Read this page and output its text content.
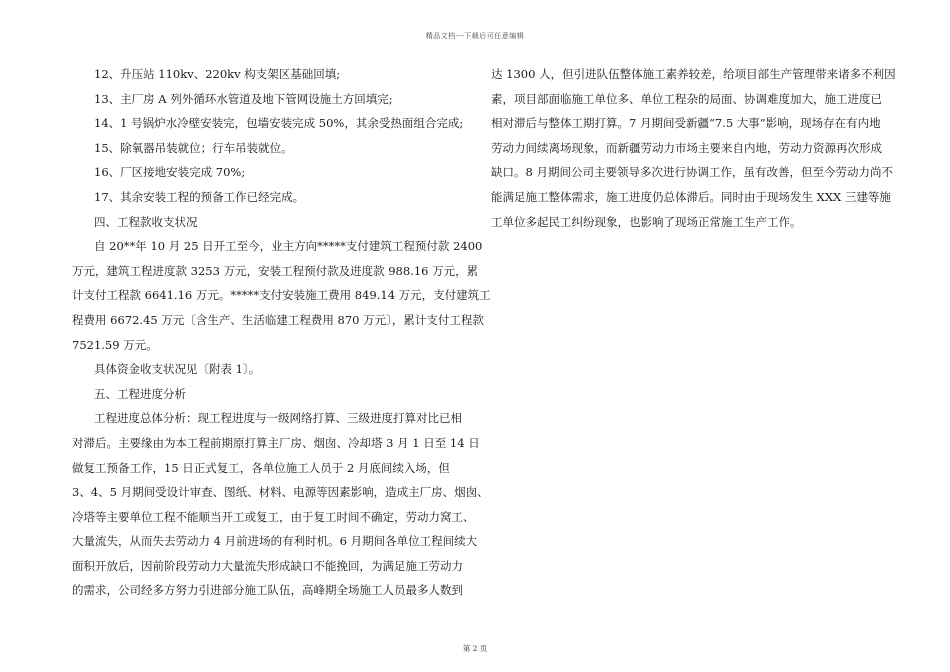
精品文档---下载后可任意编辑
12、升压站 110kv、220kv 构支架区基础回填;
13、主厂房 A 列外循环水管道及地下管网设施土方回填完;
14、1 号锅炉水冷壁安装完，包墙安装完成 50%，其余受热面组合完成;
15、除氧器吊装就位；行车吊装就位。
16、厂区接地安装完成 70%;
17、其余安装工程的预备工作已经完成。
四、工程款收支状况
自 20**年 10 月 25 日开工至今，业主方向*****支付建筑工程预付款 2400
万元，建筑工程进度款 3253 万元，安装工程预付款及进度款 988.16 万元，累
计支付工程款 6641.16 万元。*****支付安装施工费用 849.14 万元，支付建筑工
程费用 6672.45 万元〔含生产、生活临建工程费用 870 万元〕，累计支付工程款
7521.59 万元。
具体资金收支状况见〔附表 1〕。
五、工程进度分析
工程进度总体分析：现工程进度与一级网络打算、三级进度打算对比已相
对滞后。主要缘由为本工程前期原打算主厂房、烟囱、冷却塔 3 月 1 日至 14 日
做复工预备工作，15 日正式复工，各单位施工人员于 2 月底间续入场，但
3、4、5 月期间受设计审查、图纸、材料、电源等因素影响，造成主厂房、烟囱、
冷塔等主要单位工程不能顺当开工或复工，由于复工时间不确定，劳动力窝工、
大量流失，从而失去劳动力 4 月前进场的有利时机。6 月期间各单位工程间续大
面积开放后，因前阶段劳动力大量流失形成缺口不能挽回，为满足施工劳动力
的需求，公司经多方努力引进部分施工队伍，高峰期全场施工人员最多人数到
达 1300 人，但引进队伍整体施工素养较差，给项目部生产管理带来诸多不利因
素，项目部面临施工单位多、单位工程杂的局面、协调难度加大，施工进度已
相对滞后与整体工期打算。7 月期间受新疆“7.5 大事”影响，现场存在有内地
劳动力间续离场现象，而新疆劳动力市场主要来自内地，劳动力资源再次形成
缺口。8 月期间公司主要领导多次进行协调工作，虽有改善，但至今劳动力尚不
能满足施工整体需求，施工进度仍总体滞后。同时由于现场发生 XXX 三建等施
工单位多起民工纠纷现象，也影响了现场正常施工生产工作。
第 2 页
